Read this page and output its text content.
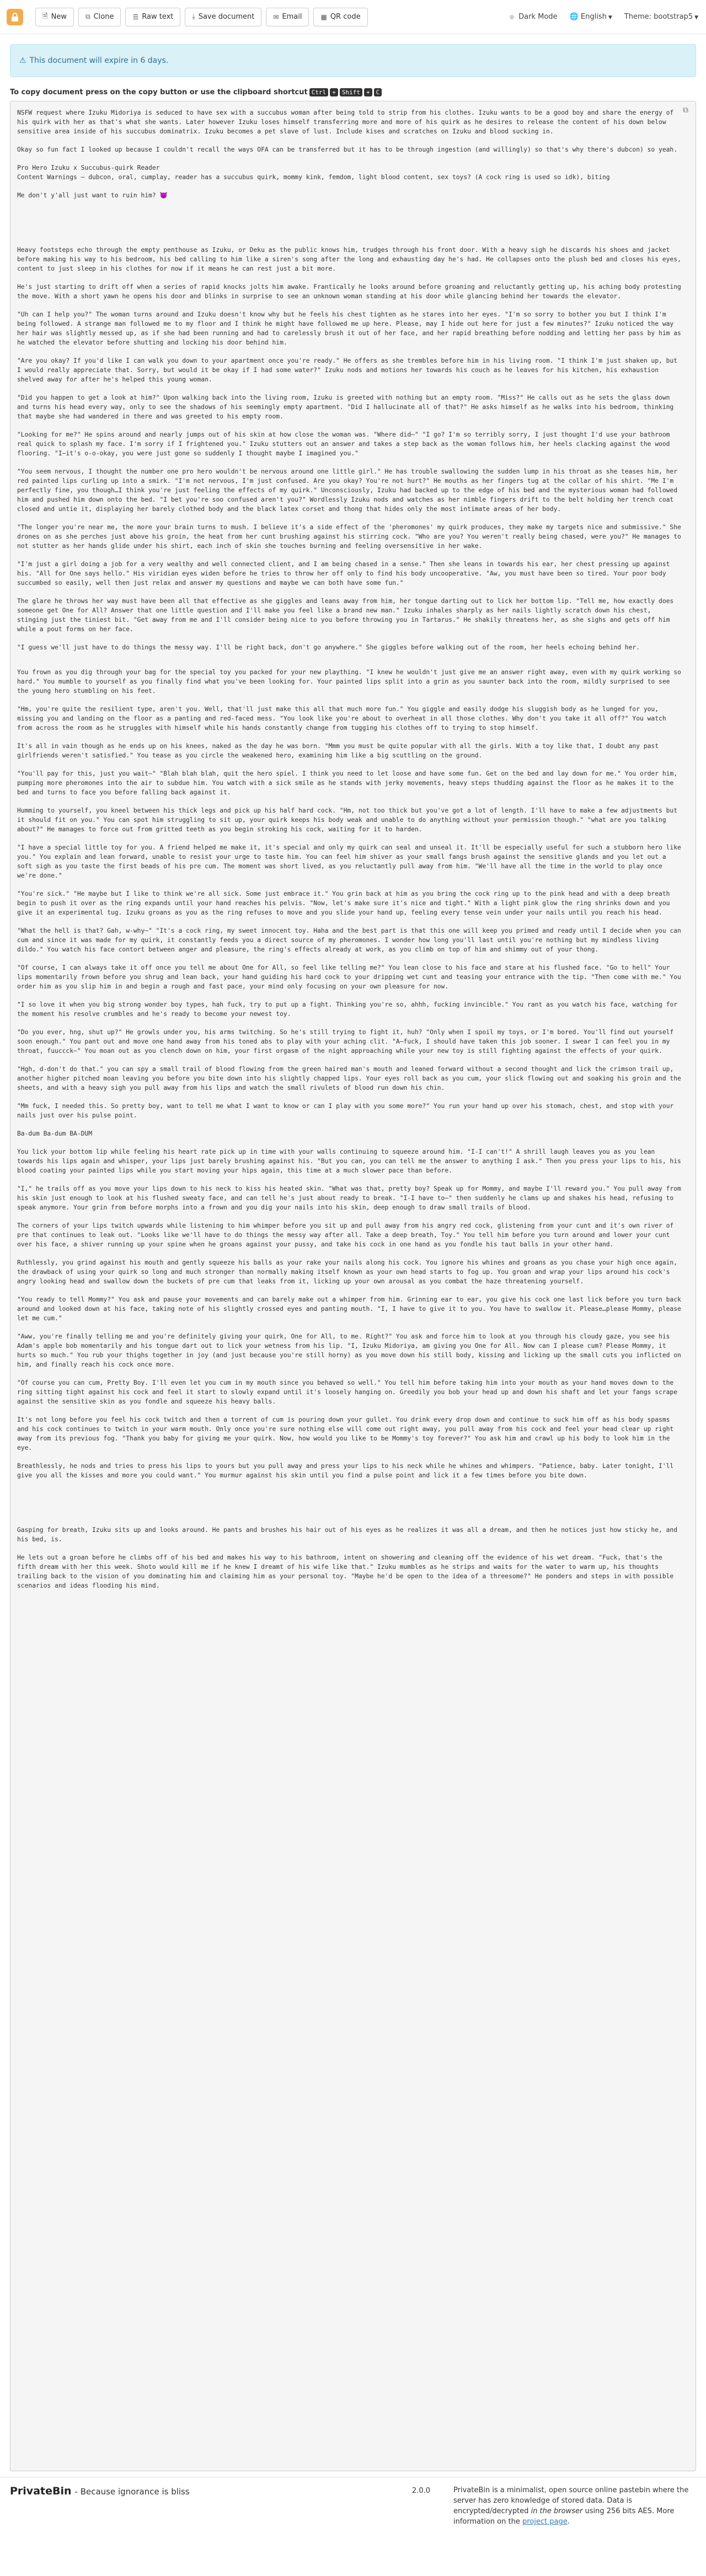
🗎 New	⧉ Clone	☰ Raw text	⤓ Save document	✉ Email	▦ QR code	Dark Mode 🌐 English ▼ Theme: bootstrap5 ▼
⚠ This document will expire in 6 days.
To copy document press on the copy button or use the clipboard shortcut Ctrl	+	Shift	+	C
⧉

NSFW request where Izuku Midoriya is seduced to have sex with a succubus woman after being told to strip from his clothes. Izuku wants to be a good boy and share the energy of his quirk with her as that's what she wants. Later however Izuku loses himself transferring more and more of his quirk as he desires to release the content of his down below sensitive area inside of his succubus dominatrix. Izuku becomes a pet slave of lust. Include kises and scratches on Izuku and blood sucking in.

Okay so fun fact I looked up because I couldn't recall the ways OFA can be transferred but it has to be through ingestion (and willingly) so that's why there's dubcon) so yeah.

Pro Hero Izuku x Succubus-quirk Reader
Content Warnings – dubcon, oral, cumplay, reader has a succubus quirk, mommy kink, femdom, light blood content, sex toys? (A cock ring is used so idk), biting

Me don't y'all just want to ruin him? 😈

Heavy footsteps echo through the empty penthouse as Izuku, or Deku as the public knows him, trudges through his front door. With a heavy sigh he discards his shoes and jacket before making his way to his bedroom, his bed calling to him like a siren's song after the long and exhausting day he's had. He collapses onto the plush bed and closes his eyes, content to just sleep in his clothes for now if it means he can rest just a bit more.

He's just starting to drift off when a series of rapid knocks jolts him awake. Frantically he looks around before groaning and reluctantly getting up, his aching body protesting the move. With a short yawn he opens his door and blinks in surprise to see an unknown woman standing at his door while glancing behind her towards the elevator.

"Uh can I help you?" The woman turns around and Izuku doesn't know why but he feels his chest tighten as he stares into her eyes. "I'm so sorry to bother you but I think I'm being followed. A strange man followed me to my floor and I think he might have followed me up here. Please, may I hide out here for just a few minutes?" Izuku noticed the way her hair was slightly messed up, as if she had been running and had to carelessly brush it out of her face, and her rapid breathing before nodding and letting her pass by him as he watched the elevator before shutting and locking his door behind him.

"Are you okay? If you'd like I can walk you down to your apartment once you're ready." He offers as she trembles before him in his living room. "I think I'm just shaken up, but I would really appreciate that. Sorry, but would it be okay if I had some water?" Izuku nods and motions her towards his couch as he leaves for his kitchen, his exhaustion shelved away for after he's helped this young woman.

"Did you happen to get a look at him?" Upon walking back into the living room, Izuku is greeted with nothing but an empty room. "Miss?" He calls out as he sets the glass down and turns his head every way, only to see the shadows of his seemingly empty apartment. "Did I hallucinate all of that?" He asks himself as he walks into his bedroom, thinking that maybe she had wandered in there and was greeted to his empty room.

"Looking for me?" He spins around and nearly jumps out of his skin at how close the woman was. "Where did—" "I go? I'm so terribly sorry, I just thought I'd use your bathroom real quick to splash my face. I'm sorry if I frightened you." Izuku stutters out an answer and takes a step back as the woman follows him, her heels clacking against the wood flooring. "I—it's o-o-okay, you were just gone so suddenly I thought maybe I imagined you."

"You seem nervous, I thought the number one pro hero wouldn't be nervous around one little girl." He has trouble swallowing the sudden lump in his throat as she teases him, her red painted lips curling up into a smirk. "I'm not nervous, I'm just confused. Are you okay? You're not hurt?" He mouths as her fingers tug at the collar of his shirt. "Me I'm perfectly fine, you though…I think you're just feeling the effects of my quirk." Unconsciously, Izuku had backed up to the edge of his bed and the mysterious woman had followed him and pushed him down onto the bed. "I bet you're soo confused aren't you?" Wordlessly Izuku nods and watches as her nimble fingers drift to the belt holding her trench coat closed and untie it, displaying her barely clothed body and the black latex corset and thong that hides only the most intimate areas of her body.

"The longer you're near me, the more your brain turns to mush. I believe it's a side effect of the 'pheromones' my quirk produces, they make my targets nice and submissive." She drones on as she perches just above his groin, the heat from her cunt brushing against his stirring cock. "Who are you? You weren't really being chased, were you?" He manages to not stutter as her hands glide under his shirt, each inch of skin she touches burning and feeling oversensitive in her wake.

"I'm just a girl doing a job for a very wealthy and well connected client, and I am being chased in a sense." Then she leans in towards his ear, her chest pressing up against his. "All for One says hello." His viridian eyes widen before he tries to throw her off only to find his body uncooperative. "Aw, you must have been so tired. Your poor body succumbed so easily, well then just relax and answer my questions and maybe we can both have some fun."

The glare he throws her way must have been all that effective as she giggles and leans away from him, her tongue darting out to lick her bottom lip. "Tell me, how exactly does someone get One for All? Answer that one little question and I'll make you feel like a brand new man." Izuku inhales sharply as her nails lightly scratch down his chest, stinging just the tiniest bit. "Get away from me and I'll consider being nice to you before throwing you in Tartarus." He shakily threatens her, as she sighs and gets off him while a pout forms on her face.

"I guess we'll just have to do things the messy way. I'll be right back, don't go anywhere." She giggles before walking out of the room, her heels echoing behind her.

You frown as you dig through your bag for the special toy you packed for your new plaything. "I knew he wouldn't just give me an answer right away, even with my quirk working so hard." You mumble to yourself as you finally find what you've been looking for. Your painted lips split into a grin as you saunter back into the room, mildly surprised to see the young hero stumbling on his feet.

"Hm, you're quite the resilient type, aren't you. Well, that'll just make this all that much more fun." You giggle and easily dodge his sluggish body as he lunged for you, missing you and landing on the floor as a panting and red-faced mess. "You look like you're about to overheat in all those clothes. Why don't you take it all off?" You watch from across the room as he struggles with himself while his hands constantly change from tugging his clothes off to trying to stop himself.

It's all in vain though as he ends up on his knees, naked as the day he was born. "Mmm you must be quite popular with all the girls. With a toy like that, I doubt any past girlfriends weren't satisfied." You tease as you circle the weakened hero, examining him like a big scuttling on the ground.

"You'll pay for this, just you wait—" "Blah blah blah, quit the hero spiel. I think you need to let loose and have some fun. Get on the bed and lay down for me." You order him, pumping more pheromones into the air to subdue him. You watch with a sick smile as he stands with jerky movements, heavy steps thudding against the floor as he makes it to the bed and turns to face you before falling back against it.

Humming to yourself, you kneel between his thick legs and pick up his half hard cock. "Hm, not too thick but you've got a lot of length. I'll have to make a few adjustments but it should fit on you." You can spot him struggling to sit up, your quirk keeps his body weak and unable to do anything without your permission though." "what are you talking about?" He manages to force out from gritted teeth as you begin stroking his cock, waiting for it to harden.

"I have a special little toy for you. A friend helped me make it, it's special and only my quirk can seal and unseal it. It'll be especially useful for such a stubborn hero like you." You explain and lean forward, unable to resist your urge to taste him. You can feel him shiver as your small fangs brush against the sensitive glands and you let out a soft sigh as you taste the first beads of his pre cum. The moment was short lived, as you reluctantly pull away from him. "We'll have all the time in the world to play once we're done."

"You're sick." "He maybe but I like to think we're all sick. Some just embrace it." You grin back at him as you bring the cock ring up to the pink head and with a deep breath begin to push it over as the ring expands until your hand reaches his pelvis. "Now, let's make sure it's nice and tight." With a light pink glow the ring shrinks down and you give it an experimental tug. Izuku groans as you as the ring refuses to move and you slide your hand up, feeling every tense vein under your nails until you reach his head.

"What the hell is that? Gah, w-why—" "It's a cock ring, my sweet innocent toy. Haha and the best part is that this one will keep you primed and ready until I decide when you can cum and since it was made for my quirk, it constantly feeds you a direct source of my pheromones. I wonder how long you'll last until you're nothing but my mindless living dildo." You watch his face contort between anger and pleasure, the ring's effects already at work, as you climb on top of him and shimmy out of your thong.

"Of course, I can always take it off once you tell me about One for All, so feel like telling me?" You lean close to his face and stare at his flushed face. "Go to hell" Your lips momentarily frown before you shrug and lean back, your hand guiding his hard cock to your dripping wet cunt and teasing your entrance with the tip. "Then come with me." You order him as you slip him in and begin a rough and fast pace, your mind only focusing on your own pleasure for now.

"I so love it when you big strong wonder boy types, hah fuck, try to put up a fight. Thinking you're so, ahhh, fucking invincible." You rant as you watch his face, watching for the moment his resolve crumbles and he's ready to become your newest toy.

"Do you ever, hng, shut up?" He growls under you, his arms twitching. So he's still trying to fight it, huh? "Only when I spoil my toys, or I'm bored. You'll find out yourself soon enough." You pant out and move one hand away from his toned abs to play with your aching clit. "A—fuck, I should have taken this job sooner. I swear I can feel you in my throat, fuuccck—" You moan out as you clench down on him, your first orgasm of the night approaching while your new toy is still fighting against the effects of your quirk.

"Hgh, d-don't do that." you can spy a small trail of blood flowing from the green haired man's mouth and leaned forward without a second thought and lick the crimson trail up, another higher pitched moan leaving you before you bite down into his slightly chapped lips. Your eyes roll back as you cum, your slick flowing out and soaking his groin and the sheets, and with a heavy sigh you pull away from his lips and watch the small rivulets of blood run down his chin.

"Mm fuck, I needed this. So pretty boy, want to tell me what I want to know or can I play with you some more?" You run your hand up over his stomach, chest, and stop with your nails just over his pulse point.

Ba-dum Ba-dum BA-DUM

You lick your bottom lip while feeling his heart rate pick up in time with your walls continuing to squeeze around him. "I-I can't!" A shrill laugh leaves you as you lean towards his lips again and whisper, your lips just barely brushing against his. "But you can, you can tell me the answer to anything I ask." Then you press your lips to his, his blood coating your painted lips while you start moving your hips again, this time at a much slower pace than before.

"I," he trails off as you move your lips down to his neck to kiss his heated skin. "What was that, pretty boy? Speak up for Mommy, and maybe I'll reward you." You pull away from his skin just enough to look at his flushed sweaty face, and can tell he's just about ready to break. "I-I have to—" then suddenly he clams up and shakes his head, refusing to speak anymore. Your grin from before morphs into a frown and you dig your nails into his skin, deep enough to draw small trails of blood.

The corners of your lips twitch upwards while listening to him whimper before you sit up and pull away from his angry red cock, glistening from your cunt and it's own river of pre that continues to leak out. "Looks like we'll have to do things the messy way after all. Take a deep breath, Toy." You tell him before you turn around and lower your cunt over his face, a shiver running up your spine when he groans against your pussy, and take his cock in one hand as you fondle his taut balls in your other hand.

Ruthlessly, you grind against his mouth and gently squeeze his balls as your rake your nails along his cock. You ignore his whines and groans as you chase your high once again, the drawback of using your quirk so long and much stronger than normally making itself known as your own head starts to fog up. You groan and wrap your lips around his cock's angry looking head and swallow down the buckets of pre cum that leaks from it, licking up your own arousal as you combat the haze threatening yourself.

"You ready to tell Mommy?" You ask and pause your movements and can barely make out a whimper from him. Grinning ear to ear, you give his cock one last lick before you turn back around and looked down at his face, taking note of his slightly crossed eyes and panting mouth. "I, I have to give it to you. You have to swallow it. Please…please Mommy, please let me cum."

"Aww, you're finally telling me and you're definitely giving your quirk, One for All, to me. Right?" You ask and force him to look at you through his cloudy gaze, you see his Adam's apple bob momentarily and his tongue dart out to lick your wetness from his lip. "I, Izuku Midoriya, am giving you One for All. Now can I please cum? Please Mommy, it hurts so much." You rub your thighs together in joy (and just because you're still horny) as you move down his still body, kissing and licking up the small cuts you inflicted on him, and finally reach his cock once more.

"Of course you can cum, Pretty Boy. I'll even let you cum in my mouth since you behaved so well." You tell him before taking him into your mouth as your hand moves down to the ring sitting tight against his cock and feel it start to slowly expand until it's loosely hanging on. Greedily you bob your head up and down his shaft and let your fangs scrape against the sensitive skin as you fondle and squeeze his heavy balls.

It's not long before you feel his cock twitch and then a torrent of cum is pouring down your gullet. You drink every drop down and continue to suck him off as his body spasms and his cock continues to twitch in your warm mouth. Only once you're sure nothing else will come out right away, you pull away from his cock and feel your head clear up right away from its previous fog. "Thank you baby for giving me your quirk. Now, how would you like to be Mommy's toy forever?" You ask him and crawl up his body to look him in the eye.

Breathlessly, he nods and tries to press his lips to yours but you pull away and press your lips to his neck while he whines and whimpers. "Patience, baby. Later tonight, I'll give you all the kisses and more you could want." You murmur against his skin until you find a pulse point and lick it a few times before you bite down.

Gasping for breath, Izuku sits up and looks around. He pants and brushes his hair out of his eyes as he realizes it was all a dream, and then he notices just how sticky he, and his bed, is.

He lets out a groan before he climbs off of his bed and makes his way to his bathroom, intent on showering and cleaning off the evidence of his wet dream. "Fuck, that's the fifth dream with her this week. Shoto would kill me if he knew I dreamt of his wife like that." Izuku mumbles as he strips and waits for the water to warm up, his thoughts trailing back to the vision of you dominating him and claiming him as your personal toy. "Maybe he'd be open to the idea of a threesome?" He ponders and steps in with possible scenarios and ideas flooding his mind.

PrivateBin - Because ignorance is bliss	2.0.0	PrivateBin is a minimalist, open source online pastebin where the server has zero knowledge of stored data. Data is encrypted/decrypted in the browser using 256 bits AES. More information on the project page.
